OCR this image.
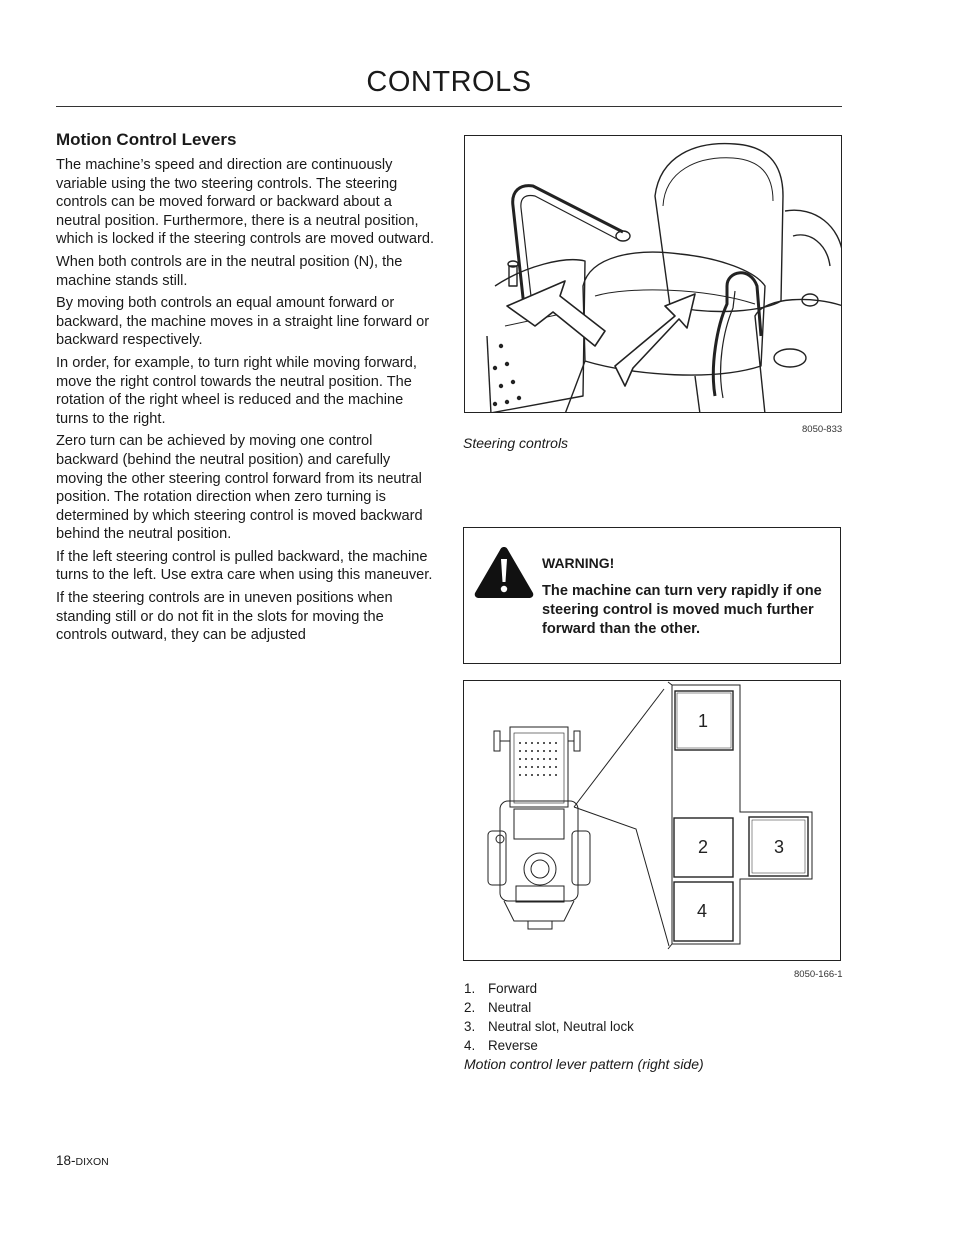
CONTROLS
Motion Control Levers

The machine’s speed and direction are continuously variable using the two steering controls. The steering controls can be moved forward or backward about a neutral position. Furthermore, there is a neutral position, which is locked if the steering controls are moved outward.

When both controls are in the neutral position (N), the machine stands still.

By moving both controls an equal amount forward or backward, the machine moves in a straight line forward or backward respectively.

In order, for example, to turn right while moving forward, move the right control towards the neutral position. The rotation of the right wheel is reduced and the machine turns to the right.

Zero turn can be achieved by moving one control backward (behind the neutral position) and carefully moving the other steering control forward from its neutral position. The rotation direction when zero turning is determined by which steering control is moved backward behind the neutral position.

If the left steering control is pulled backward, the machine turns to the left. Use extra care when using this maneuver.

If the steering controls are in uneven positions when standing still or do not fit in the slots for moving the controls outward, they can be adjusted

8050-833
Steering controls
WARNING!
The machine can turn very rapidly if one steering control is moved much further forward than the other.
1
2	3
4
8050-166-1
1. Forward
2. Neutral
3. Neutral slot, Neutral lock
4. Reverse
Motion control lever pattern (right side)
18-DIXON
